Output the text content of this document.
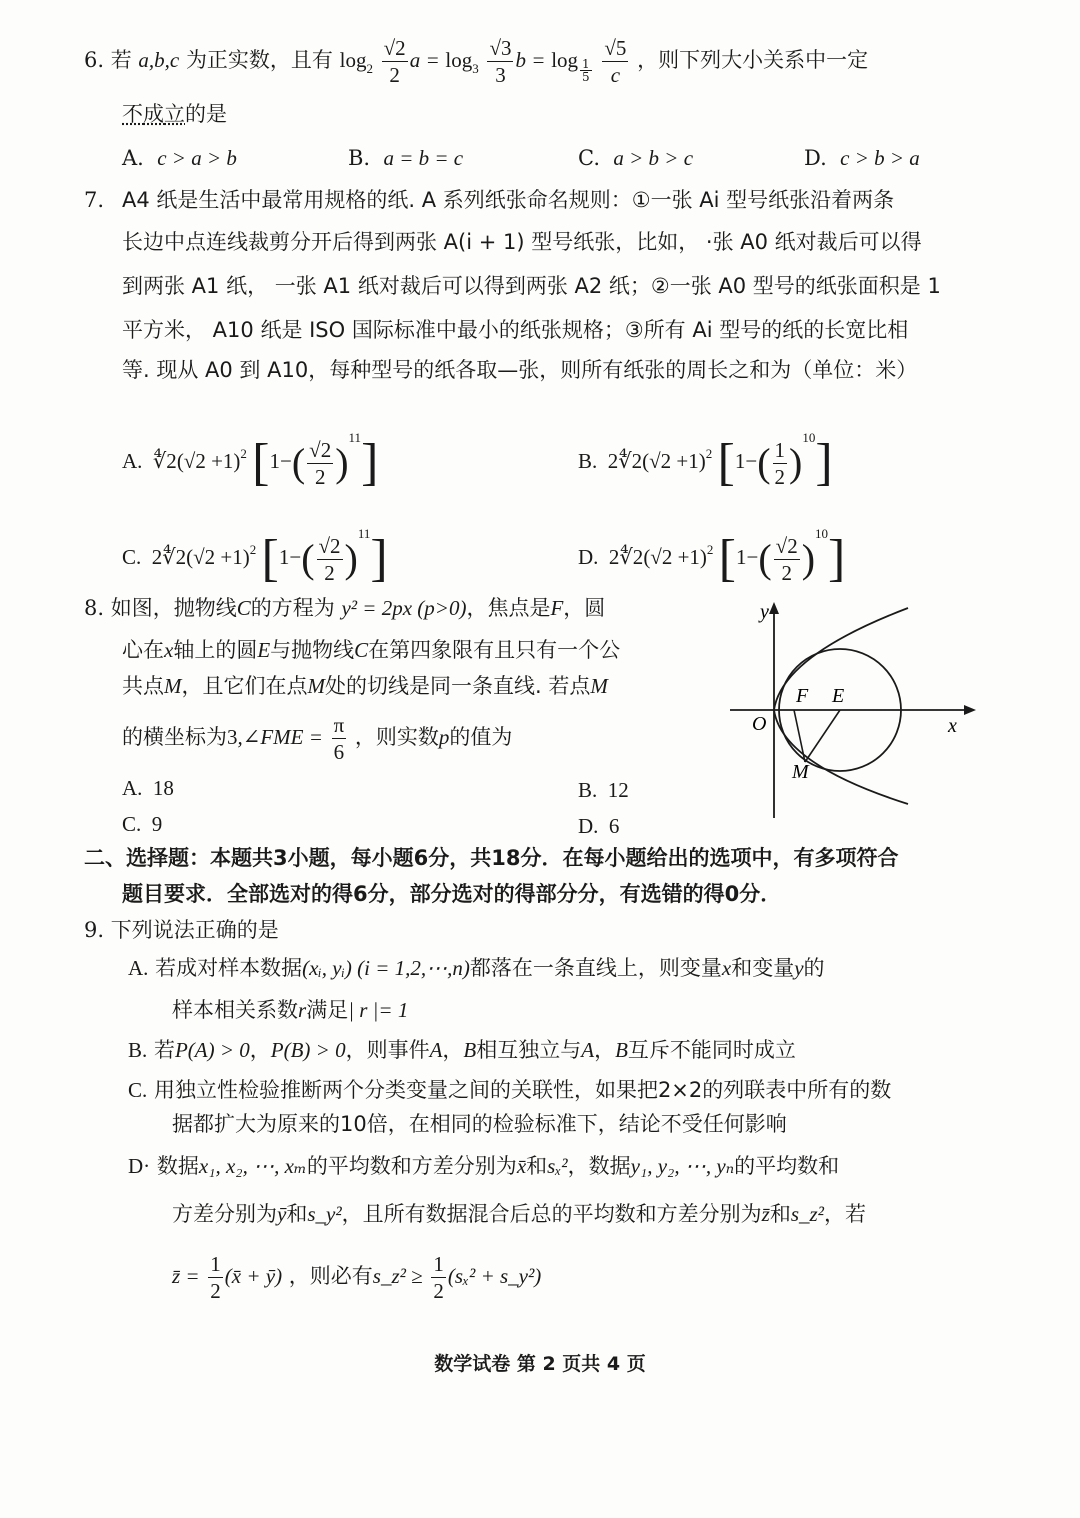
6. 若 a,b,c 为正实数，且有 $\log_2 \frac{√2}{2}$ $a = \log_3 \frac{√3}{3}$ $b = \log \frac{1}{5}$
$\frac{√5}{c}$ ，则下列大小关系中一定
不成立的是
A. c > a > b	B. a = b = c	C. a > b > c	D. c > b > a
7. A4 纸是生活中最常用规格的纸. A 系列纸张命名规则：①一张 Ai 型号纸张沿着两条
长边中点连线裁剪分开后得到两张 A(i + 1) 型号纸张，比如， ·张 A0 纸对裁后可以得
到两张 A1 纸， 一张 A1 纸对裁后可以得到两张 A2 纸；②一张 A0 型号的纸张面积是 1
平方米， A10 纸是 ISO 国际标准中最小的纸张规格；③所有 Ai 型号的纸的长宽比相
等. 现从 A0 到 A10，每种型号的纸各取—张，则所有纸张的周长之和为（单位：米）
A. ∜2(√2 +1)$^2$ $[1-( \frac{√2}{2} )^{11}]$	B. 2∜2(√2 +1)$^2$ $[1-( \frac{1}{2} )^{10}]$
C. 2∜2(√2 +1)$^2$ $[1-( \frac{√2}{2} )^{11}]$	D. 2∜2(√2 +1)$^2$ $[1-( \frac{√2}{2} )^{10}]$
8. 如图，抛物线C的方程为 y² = 2px (p>0)，焦点是F，圆
心在x轴上的圆E与抛物线C在第四象限有且只有一个公
共点M，且它们在点M处的切线是同一条直线. 若点M
的横坐标为3,∠FME = $\frac{\pi}{6}$ ，则实数p的值为
A. 18	B. 12
C. 9	D. 6
y
x
O
F E
M
二、选择题：本题共3小题，每小题6分，共18分．在每小题给出的选项中，有多项符合
题目要求．全部选对的得6分，部分选对的得部分分，有选错的得0分．
9. 下列说法正确的是
A. 若成对样本数据(xᵢ, yᵢ) (i = 1,2,⋯,n)都落在一条直线上，则变量x和变量y的
样本相关系数r满足| r |= 1
B. 若P(A) > 0，P(B) > 0，则事件A，B相互独立与A，B互斥不能同时成立
C. 用独立性检验推断两个分类变量之间的关联性，如果把2×2的列联表中所有的数
据都扩大为原来的10倍，在相同的检验标准下，结论不受任何影响
D· 数据x₁, x₂, ⋯, xₘ的平均数和方差分别为x̄和sₓ²，数据y₁, y₂, ⋯, yₙ的平均数和
方差分别为ȳ和s_y²，且所有数据混合后总的平均数和方差分别为z̄和s_z²，若
z̄ = $\frac{1}{2}$ (x̄ + ȳ) ，则必有s_z² ≥ $\frac{1}{2} (s_x^2$ + s_y²)
数学试卷 第 2 页共 4 页
